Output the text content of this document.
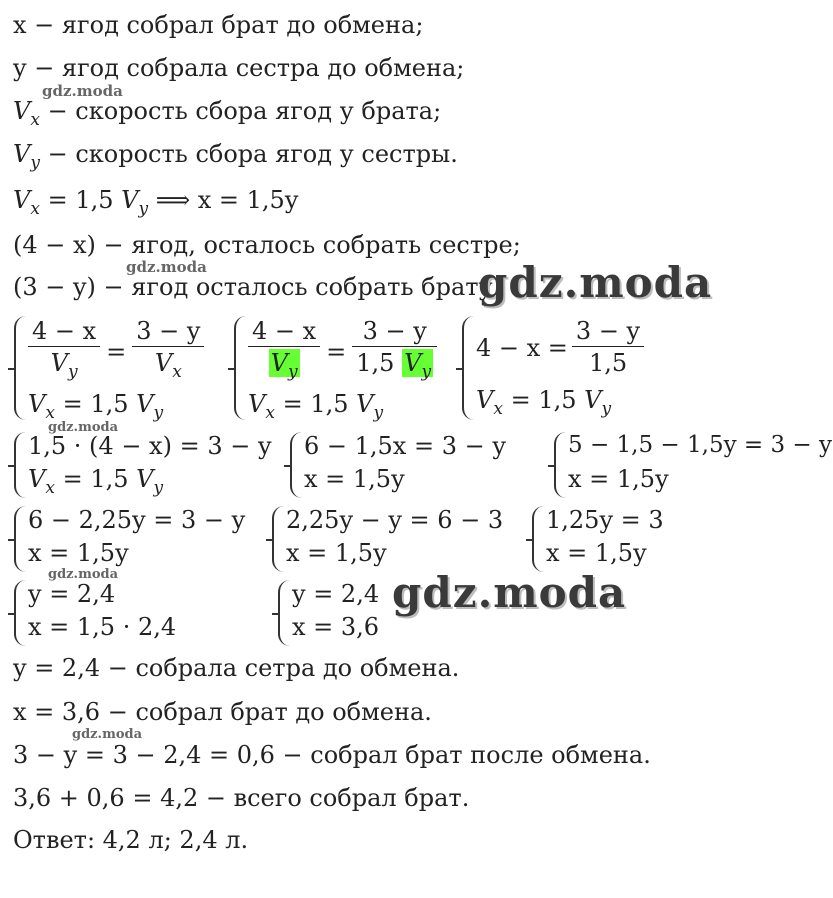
x − ягод собрал брат до обмена;
y − ягод собрала сестра до обмена;
$V_x$ − скорость сбора ягод у брата;
$V_y$ − скорость сбора ягод у сестры.
$V_x = 1,5$ $V_y$ ⟹ x = 1,5y
(4 − x) − ягод, осталось собрать сестре;
(3 − y) − ягод осталось собрать брату.
$\frac{4 - x}{V_y} = \frac{3 - y}{V_x}$
$V_x = 1,5$ $V_y$
$\frac{4 - x}{V_y} = \frac{3 - y}{1,5 V_y}$
$V_x = 1,5$ $V_y$
$4 - x = \frac{3 - y}{1,5}$
$V_x = 1,5$ $V_y$
1,5 · (4 − x) = 3 − y
$V_x = 1,5$ $V_y$
6 − 1,5x = 3 − y
x = 1,5y
5 − 1,5 − 1,5y = 3 − y
x = 1,5y
6 − 2,25y = 3 − y
x = 1,5y
2,25y − y = 6 − 3
x = 1,5y
1,25y = 3
x = 1,5y
y = 2,4
x = 1,5 · 2,4
y = 2,4
x = 3,6
y = 2,4 − собрала сетра до обмена.
x = 3,6 − собрал брат до обмена.
3 − y = 3 − 2,4 = 0,6 − собрал брат после обмена.
3,6 + 0,6 = 4,2 − всего собрал брат.
Ответ: 4,2 л; 2,4 л.
gdz.moda
gdz.moda
gdz.moda
gdz.moda
gdz.moda
gdz.moda
gdz.moda
